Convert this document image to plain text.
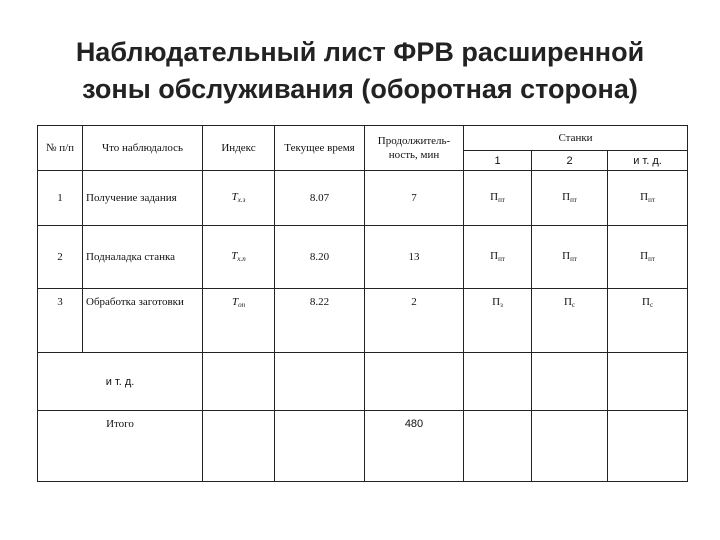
Наблюдательный лист ФРВ расширенной
зоны обслуживания (оборотная сторона)
№ п/п	Что наблюдалось	Индекс	Текущее время	Продолжитель-ность, мин	Станки		
					1	2	и т. д.
1	Получение задания	$Т_{х.з}$	8.07	7	$П_{пт}$	$П_{пт}$	$П_{пт}$
2	Подналадка станка	$Т_{х.п}$	8.20	13	$П_{пт}$	$П_{пт}$	$П_{пт}$
3	Обработка заготовки	$Т_{оп}$	8.22	2	$П_з$	$П_с$	$П_с$
и т. д.							
Итого				480			
